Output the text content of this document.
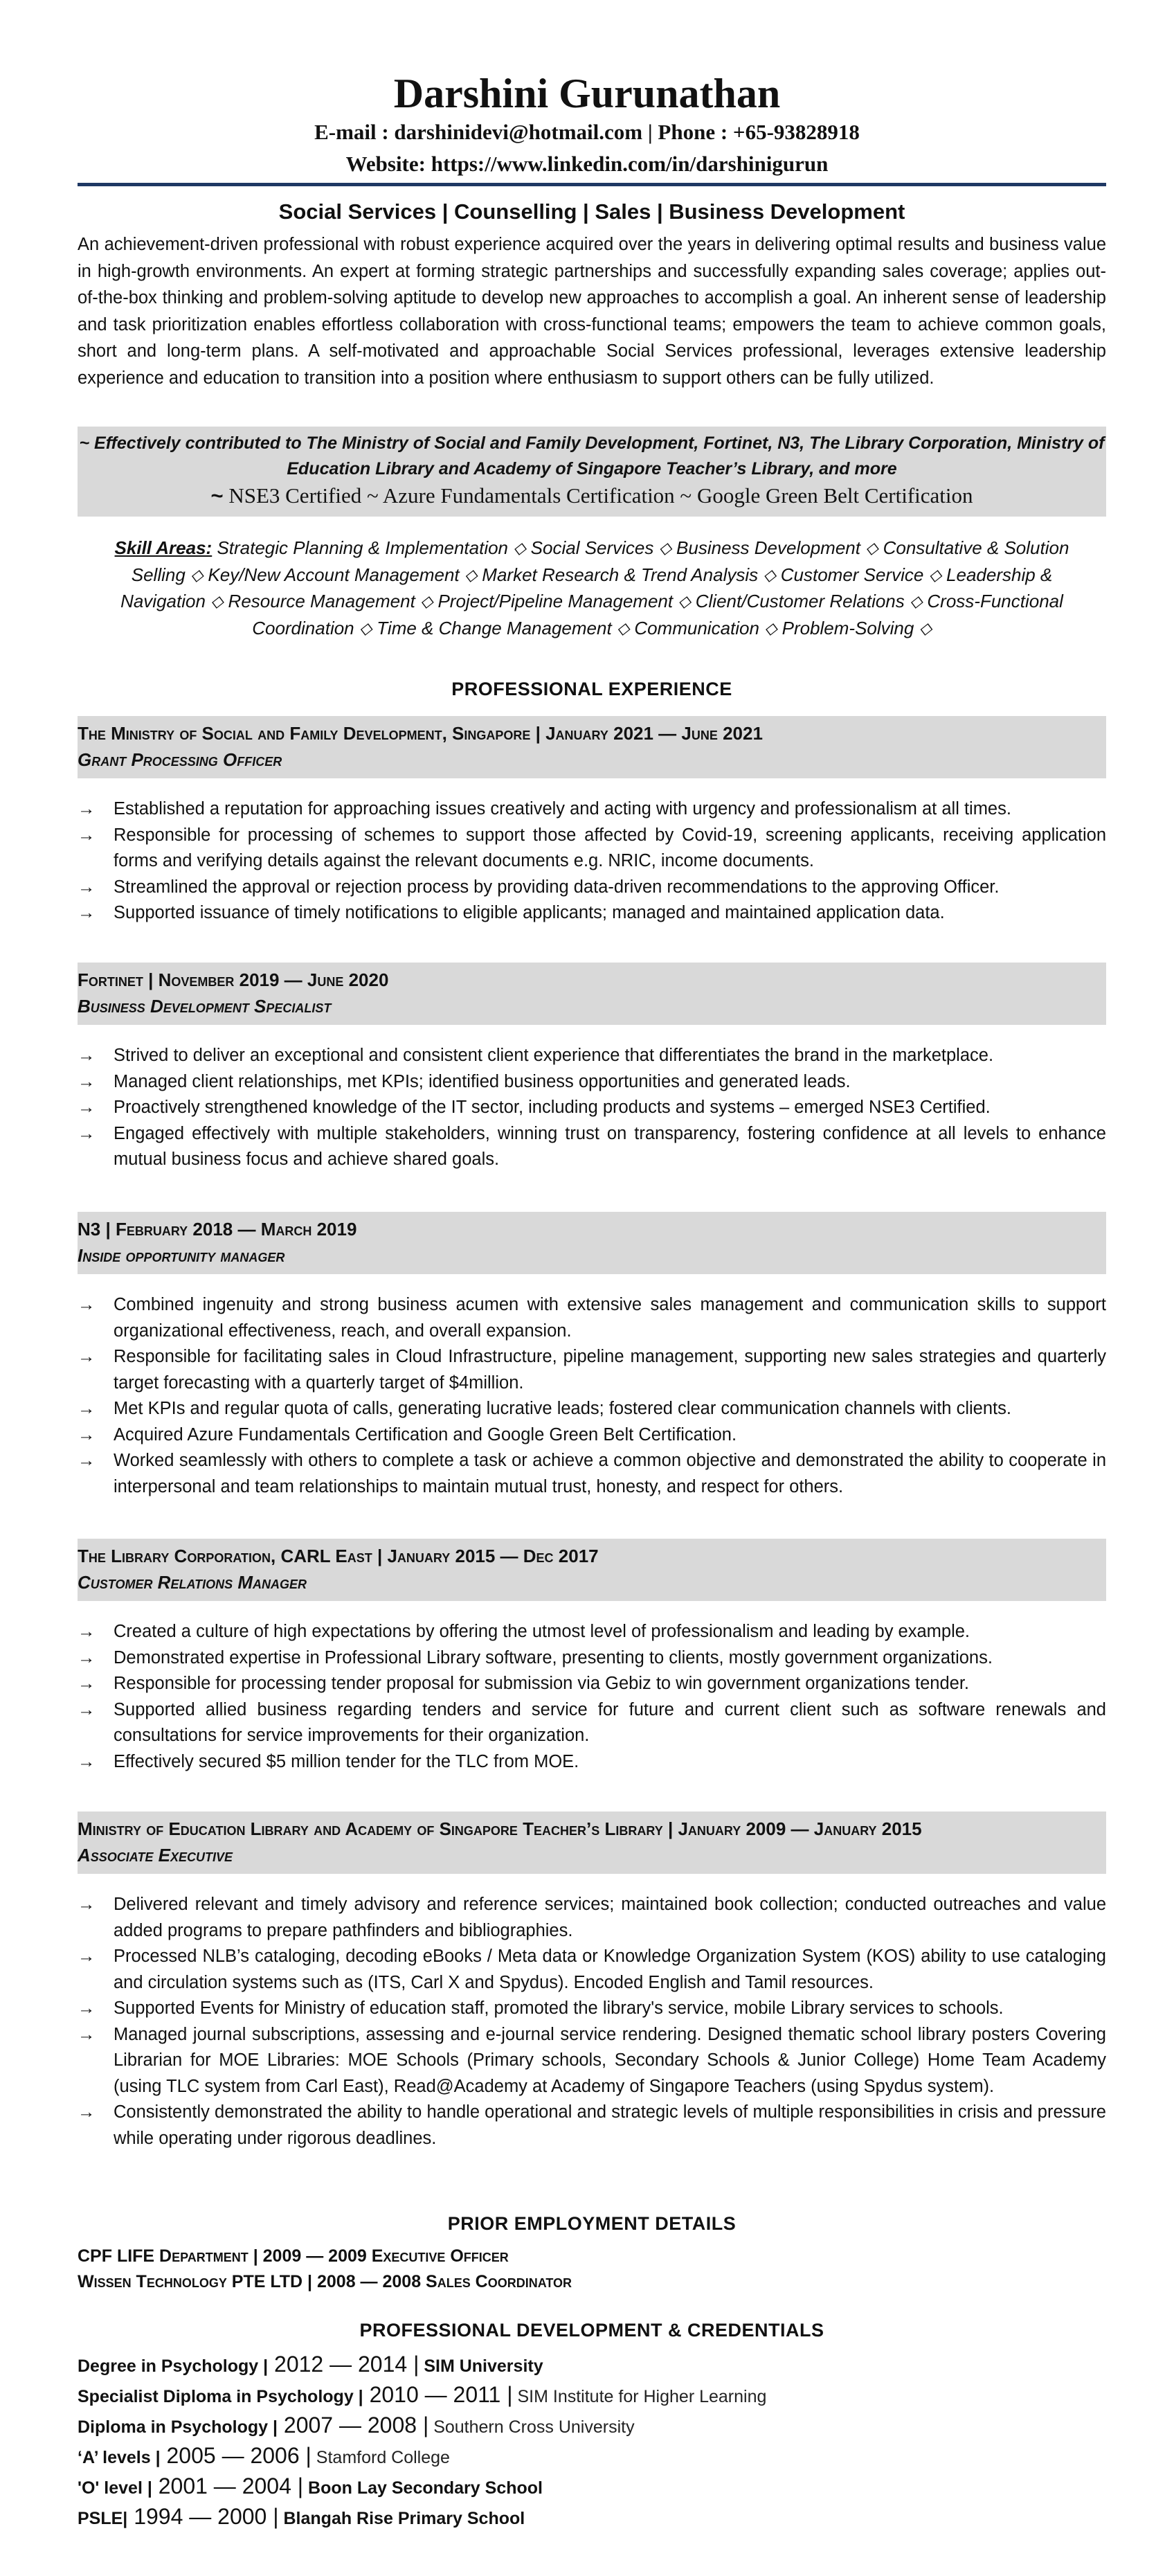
Darshini Gurunathan
E-mail : darshinidevi@hotmail.com | Phone : +65-93828918
Website: https://www.linkedin.com/in/darshinigurun
Social Services | Counselling | Sales | Business Development

An achievement-driven professional with robust experience acquired over the years in delivering optimal results and business value in high-growth environments. An expert at forming strategic partnerships and successfully expanding sales coverage; applies out-of-the-box thinking and problem-solving aptitude to develop new approaches to accomplish a goal. An inherent sense of leadership and task prioritization enables effortless collaboration with cross-functional teams; empowers the team to achieve common goals, short and long-term plans. A self-motivated and approachable Social Services professional, leverages extensive leadership experience and education to transition into a position where enthusiasm to support others can be fully utilized.

~ Effectively contributed to The Ministry of Social and Family Development, Fortinet, N3, The Library Corporation, Ministry of Education Library and Academy of Singapore Teacher’s Library, and more

~ NSE3 Certified ~ Azure Fundamentals Certification ~ Google Green Belt Certification

Skill Areas: Strategic Planning & Implementation ⬦ Social Services ⬦ Business Development ⬦ Consultative & Solution Selling ⬦ Key/New Account Management ⬦ Market Research & Trend Analysis ⬦ Customer Service ⬦ Leadership & Navigation ⬦ Resource Management ⬦ Project/Pipeline Management ⬦ Client/Customer Relations ⬦ Cross-Functional Coordination ⬦ Time & Change Management ⬦ Communication ⬦ Problem-Solving ⬦

PROFESSIONAL EXPERIENCE
The Ministry of Social and Family Development, Singapore | January 2021 — June 2021
Grant Processing Officer
→ Established a reputation for approaching issues creatively and acting with urgency and professionalism at all times.
→ Responsible for processing of schemes to support those affected by Covid-19, screening applicants, receiving application forms and verifying details against the relevant documents e.g. NRIC, income documents.
→ Streamlined the approval or rejection process by providing data-driven recommendations to the approving Officer.
→ Supported issuance of timely notifications to eligible applicants; managed and maintained application data.
Fortinet | November 2019 — June 2020
Business Development Specialist
→ Strived to deliver an exceptional and consistent client experience that differentiates the brand in the marketplace.
→ Managed client relationships, met KPIs; identified business opportunities and generated leads.
→ Proactively strengthened knowledge of the IT sector, including products and systems – emerged NSE3 Certified.
→ Engaged effectively with multiple stakeholders, winning trust on transparency, fostering confidence at all levels to enhance mutual business focus and achieve shared goals.
N3 | February 2018 — March 2019
Inside opportunity manager
→ Combined ingenuity and strong business acumen with extensive sales management and communication skills to support organizational effectiveness, reach, and overall expansion.
→ Responsible for facilitating sales in Cloud Infrastructure, pipeline management, supporting new sales strategies and quarterly target forecasting with a quarterly target of $4million.
→ Met KPIs and regular quota of calls, generating lucrative leads; fostered clear communication channels with clients.
→ Acquired Azure Fundamentals Certification and Google Green Belt Certification.
→ Worked seamlessly with others to complete a task or achieve a common objective and demonstrated the ability to cooperate in interpersonal and team relationships to maintain mutual trust, honesty, and respect for others.
The Library Corporation, CARL East | January 2015 — Dec 2017
Customer Relations Manager
→ Created a culture of high expectations by offering the utmost level of professionalism and leading by example.
→ Demonstrated expertise in Professional Library software, presenting to clients, mostly government organizations.
→ Responsible for processing tender proposal for submission via Gebiz to win government organizations tender.
→ Supported allied business regarding tenders and service for future and current client such as software renewals and consultations for service improvements for their organization.
→ Effectively secured $5 million tender for the TLC from MOE.
Ministry of Education Library and Academy of Singapore Teacher’s Library | January 2009 — January 2015
Associate Executive
→ Delivered relevant and timely advisory and reference services; maintained book collection; conducted outreaches and value added programs to prepare pathfinders and bibliographies.
→ Processed NLB’s cataloging, decoding eBooks / Meta data or Knowledge Organization System (KOS) ability to use cataloging and circulation systems such as (ITS, Carl X and Spydus). Encoded English and Tamil resources.
→ Supported Events for Ministry of education staff, promoted the library's service, mobile Library services to schools.
→ Managed journal subscriptions, assessing and e-journal service rendering. Designed thematic school library posters Covering Librarian for MOE Libraries: MOE Schools (Primary schools, Secondary Schools & Junior College) Home Team Academy (using TLC system from Carl East), Read@Academy at Academy of Singapore Teachers (using Spydus system).
→ Consistently demonstrated the ability to handle operational and strategic levels of multiple responsibilities in crisis and pressure while operating under rigorous deadlines.
PRIOR EMPLOYMENT DETAILS
CPF LIFE Department | 2009 — 2009 Executive Officer
Wissen Technology PTE LTD | 2008 — 2008 Sales Coordinator
PROFESSIONAL DEVELOPMENT & CREDENTIALS
Degree in Psychology | 2012 — 2014 | SIM University
Specialist Diploma in Psychology | 2010 — 2011 | SIM Institute for Higher Learning
Diploma in Psychology | 2007 — 2008 | Southern Cross University
‘A’ levels | 2005 — 2006 | Stamford College
'O' level | 2001 — 2004 | Boon Lay Secondary School
PSLE| 1994 — 2000 | Blangah Rise Primary School
